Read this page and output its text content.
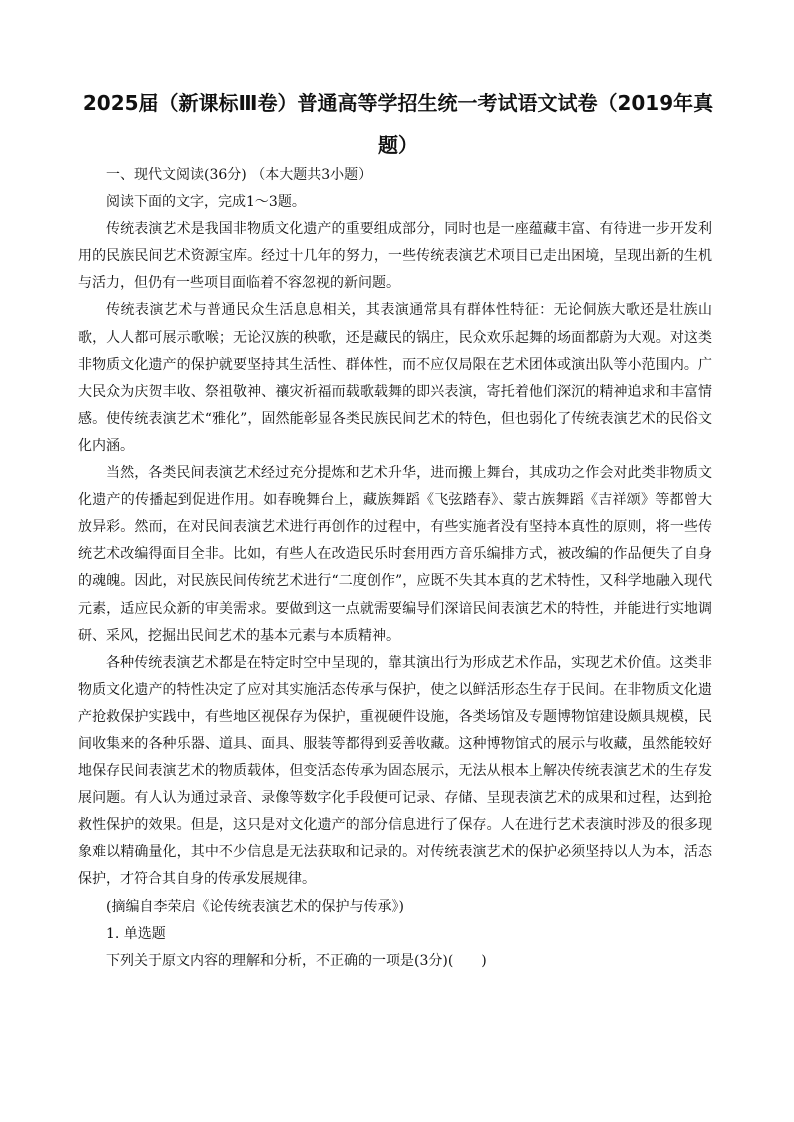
2025届（新课标Ⅲ卷）普通高等学招生统一考试语文试卷（2019年真题）

一、现代文阅读(36分) （本大题共3小题）

阅读下面的文字，完成1～3题。

传统表演艺术是我国非物质文化遗产的重要组成部分，同时也是一座蕴藏丰富、有待进一步开发利用的民族民间艺术资源宝库。经过十几年的努力，一些传统表演艺术项目已走出困境，呈现出新的生机与活力，但仍有一些项目面临着不容忽视的新问题。

传统表演艺术与普通民众生活息息相关，其表演通常具有群体性特征：无论侗族大歌还是壮族山歌，人人都可展示歌喉；无论汉族的秧歌，还是藏民的锅庄，民众欢乐起舞的场面都蔚为大观。对这类非物质文化遗产的保护就要坚持其生活性、群体性，而不应仅局限在艺术团体或演出队等小范围内。广大民众为庆贺丰收、祭祖敬神、禳灾祈福而载歌载舞的即兴表演，寄托着他们深沉的精神追求和丰富情感。使传统表演艺术“雅化”，固然能彰显各类民族民间艺术的特色，但也弱化了传统表演艺术的民俗文化内涵。

当然，各类民间表演艺术经过充分提炼和艺术升华，进而搬上舞台，其成功之作会对此类非物质文化遗产的传播起到促进作用。如春晚舞台上，藏族舞蹈《飞弦踏春》、蒙古族舞蹈《吉祥颂》等都曾大放异彩。然而，在对民间表演艺术进行再创作的过程中，有些实施者没有坚持本真性的原则，将一些传统艺术改编得面目全非。比如，有些人在改造民乐时套用西方音乐编排方式，被改编的作品便失了自身的魂魄。因此，对民族民间传统艺术进行“二度创作”，应既不失其本真的艺术特性，又科学地融入现代元素，适应民众新的审美需求。要做到这一点就需要编导们深谙民间表演艺术的特性，并能进行实地调研、采风，挖掘出民间艺术的基本元素与本质精神。

各种传统表演艺术都是在特定时空中呈现的，靠其演出行为形成艺术作品，实现艺术价值。这类非物质文化遗产的特性决定了应对其实施活态传承与保护，使之以鲜活形态生存于民间。在非物质文化遗产抢救保护实践中，有些地区视保存为保护，重视硬件设施，各类场馆及专题博物馆建设颇具规模，民间收集来的各种乐器、道具、面具、服装等都得到妥善收藏。这种博物馆式的展示与收藏，虽然能较好地保存民间表演艺术的物质载体，但变活态传承为固态展示，无法从根本上解决传统表演艺术的生存发展问题。有人认为通过录音、录像等数字化手段便可记录、存储、呈现表演艺术的成果和过程，达到抢救性保护的效果。但是，这只是对文化遗产的部分信息进行了保存。人在进行艺术表演时涉及的很多现象难以精确量化，其中不少信息是无法获取和记录的。对传统表演艺术的保护必须坚持以人为本，活态保护，才符合其自身的传承发展规律。

(摘编自李荣启《论传统表演艺术的保护与传承》)

1. 单选题

下列关于原文内容的理解和分析，不正确的一项是(3分)(　　)
